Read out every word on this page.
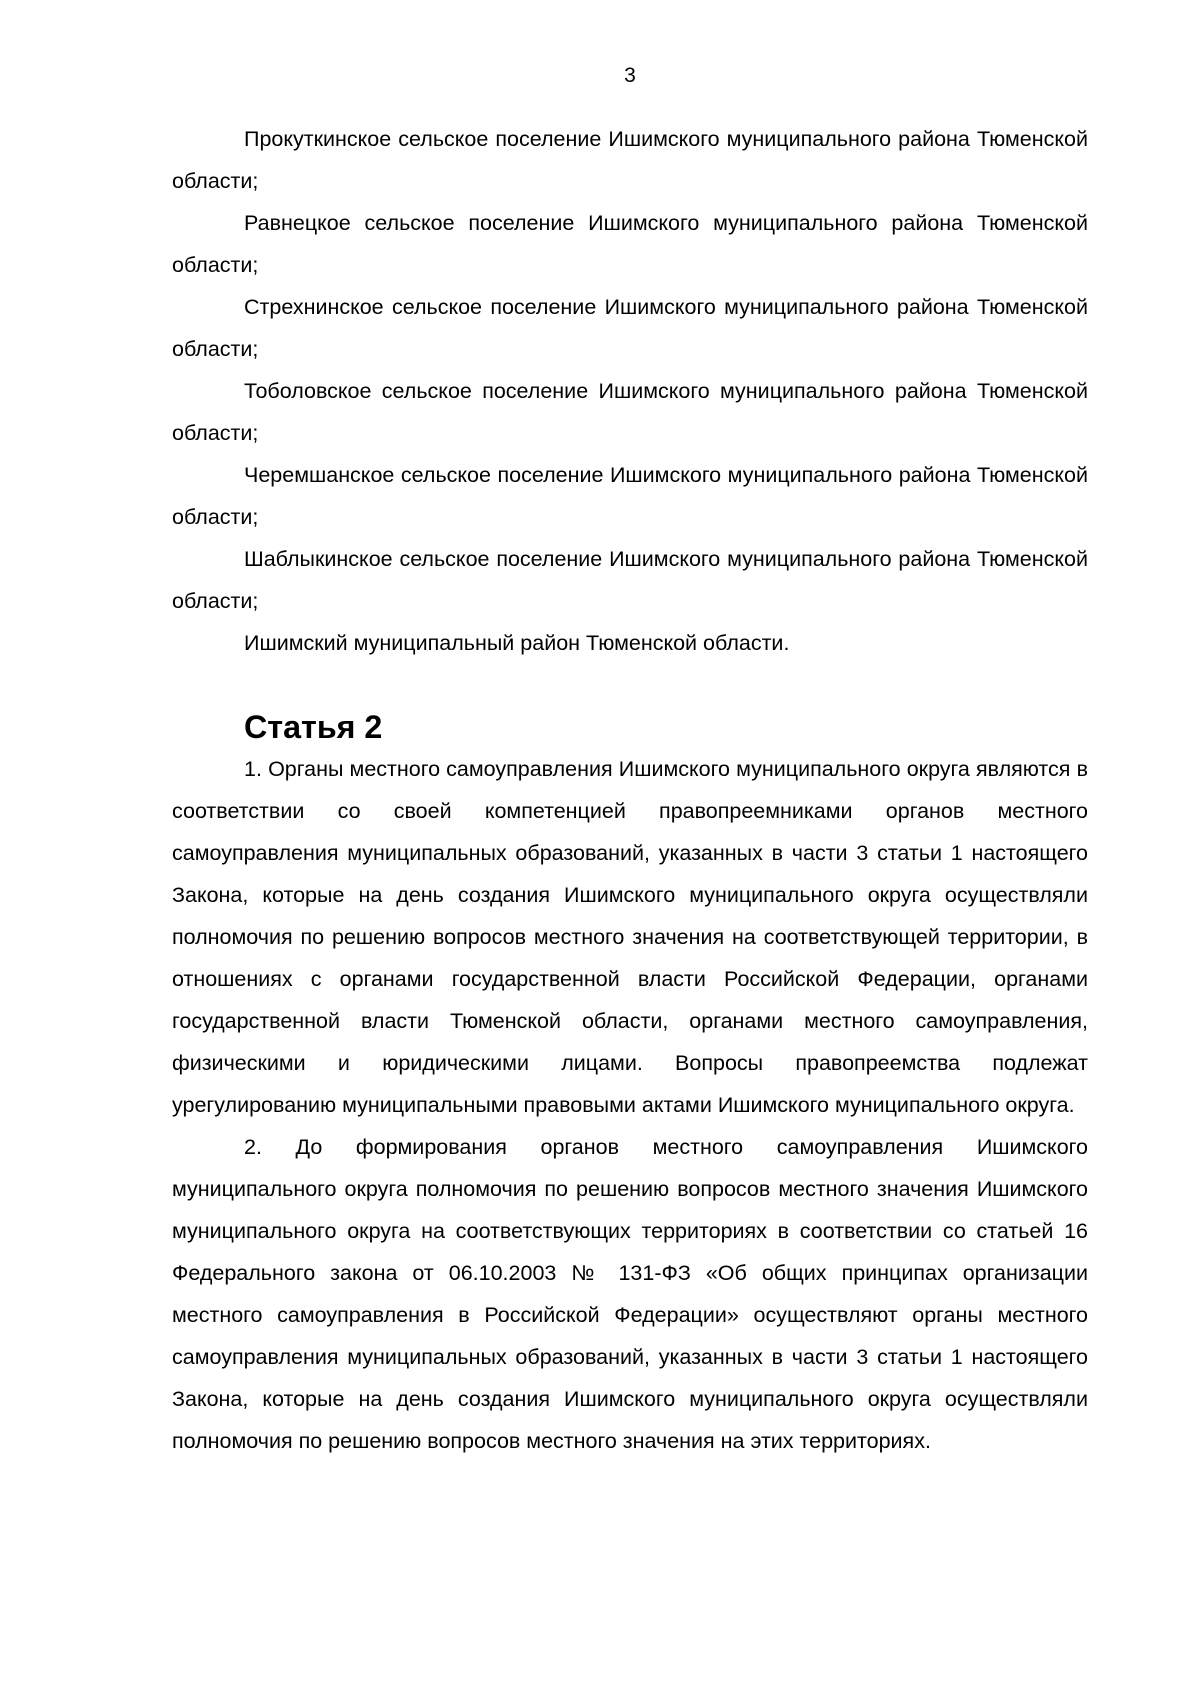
3

Прокуткинское сельское поселение Ишимского муниципального района Тюменской области;

Равнецкое сельское поселение Ишимского муниципального района Тюменской области;

Стрехнинское сельское поселение Ишимского муниципального района Тюменской области;

Тоболовское сельское поселение Ишимского муниципального района Тюменской области;

Черемшанское сельское поселение Ишимского муниципального района Тюменской области;

Шаблыкинское сельское поселение Ишимского муниципального района Тюменской области;

Ишимский муниципальный район Тюменской области.

Статья 2

1. Органы местного самоуправления Ишимского муниципального округа являются в соответствии со своей компетенцией правопреемниками органов местного самоуправления муниципальных образований, указанных в части 3 статьи 1 настоящего Закона, которые на день создания Ишимского муниципального округа осуществляли полномочия по решению вопросов местного значения на соответствующей территории, в отношениях с органами государственной власти Российской Федерации, органами государственной власти Тюменской области, органами местного самоуправления, физическими и юридическими лицами. Вопросы правопреемства подлежат урегулированию муниципальными правовыми актами Ишимского муниципального округа.

2. До формирования органов местного самоуправления Ишимского муниципального округа полномочия по решению вопросов местного значения Ишимского муниципального округа на соответствующих территориях в соответствии со статьей 16 Федерального закона от 06.10.2003 № 131-ФЗ «Об общих принципах организации местного самоуправления в Российской Федерации» осуществляют органы местного самоуправления муниципальных образований, указанных в части 3 статьи 1 настоящего Закона, которые на день создания Ишимского муниципального округа осуществляли полномочия по решению вопросов местного значения на этих территориях.
